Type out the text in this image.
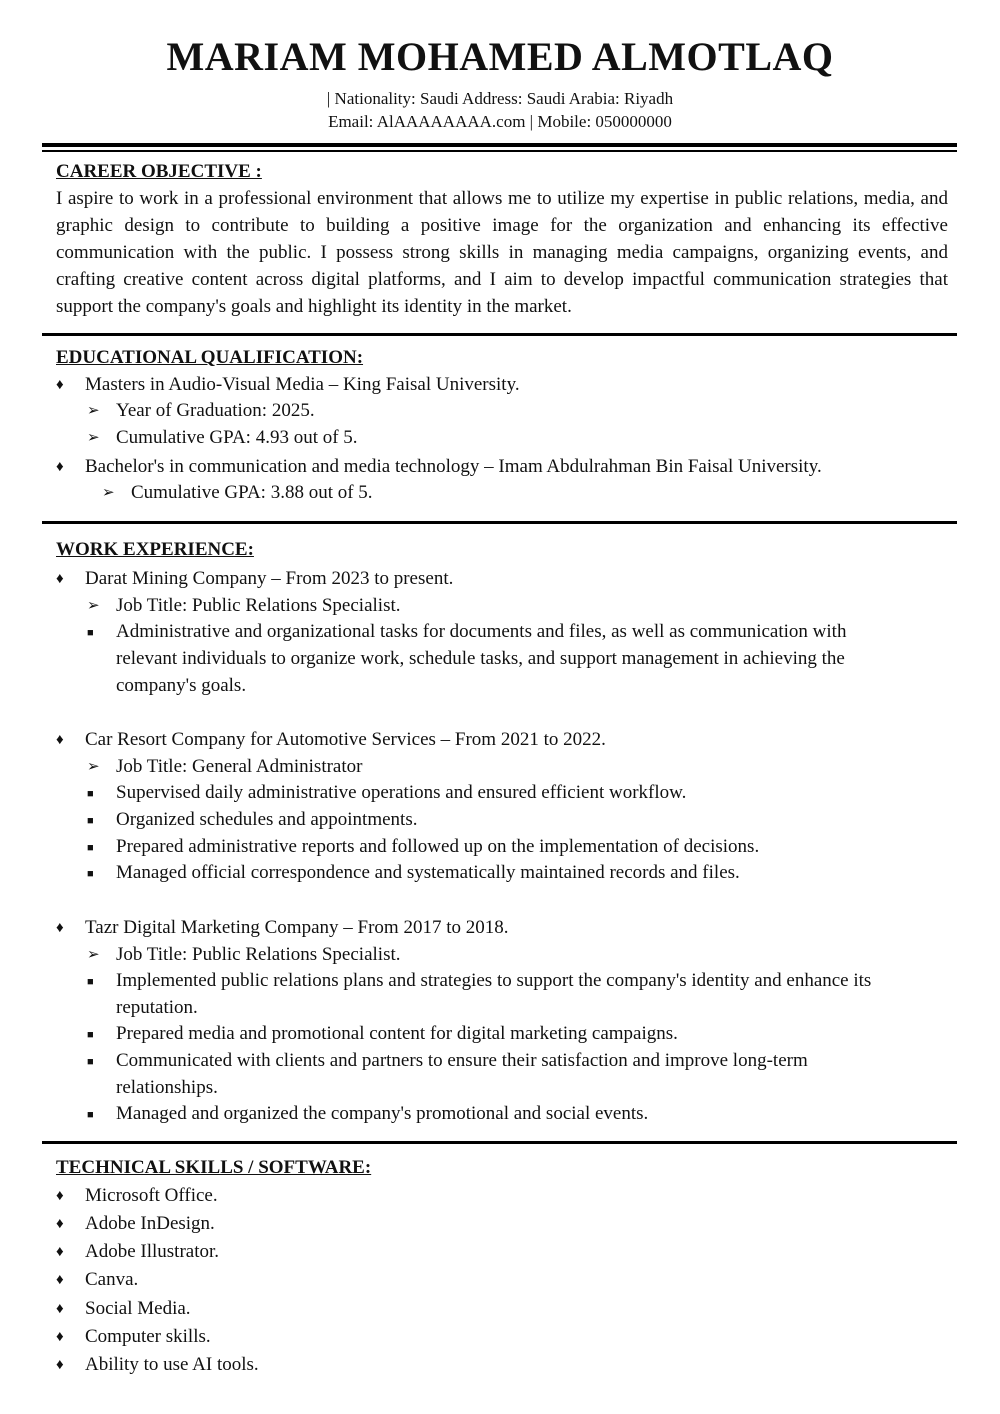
MARIAM MOHAMED ALMOTLAQ
| Nationality: Saudi Address: Saudi Arabia: Riyadh
Email: AlAAAAAAAA.com | Mobile: 050000000
CAREER OBJECTIVE :
I aspire to work in a professional environment that allows me to utilize my expertise in public relations, media, and graphic design to contribute to building a positive image for the organization and enhancing its effective communication with the public. I possess strong skills in managing media campaigns, organizing events, and crafting creative content across digital platforms, and I aim to develop impactful communication strategies that support the company's goals and highlight its identity in the market.
EDUCATIONAL QUALIFICATION:
♦ Masters in Audio-Visual Media – King Faisal University.
➢ Year of Graduation: 2025.
➢ Cumulative GPA: 4.93 out of 5.
♦ Bachelor's in communication and media technology – Imam Abdulrahman Bin Faisal University.
➢ Cumulative GPA: 3.88 out of 5.
WORK EXPERIENCE:
♦ Darat Mining Company – From 2023 to present.
➢ Job Title: Public Relations Specialist.
■ Administrative and organizational tasks for documents and files, as well as communication with relevant individuals to organize work, schedule tasks, and support management in achieving the company's goals.
♦ Car Resort Company for Automotive Services – From 2021 to 2022.
➢ Job Title: General Administrator
■ Supervised daily administrative operations and ensured efficient workflow.
■ Organized schedules and appointments.
■ Prepared administrative reports and followed up on the implementation of decisions.
■ Managed official correspondence and systematically maintained records and files.
♦ Tazr Digital Marketing Company – From 2017 to 2018.
➢ Job Title: Public Relations Specialist.
■ Implemented public relations plans and strategies to support the company's identity and enhance its reputation.
■ Prepared media and promotional content for digital marketing campaigns.
■ Communicated with clients and partners to ensure their satisfaction and improve long-term relationships.
■ Managed and organized the company's promotional and social events.
TECHNICAL SKILLS / SOFTWARE:
♦ Microsoft Office.
♦ Adobe InDesign.
♦ Adobe Illustrator.
♦ Canva.
♦ Social Media.
♦ Computer skills.
♦ Ability to use AI tools.
